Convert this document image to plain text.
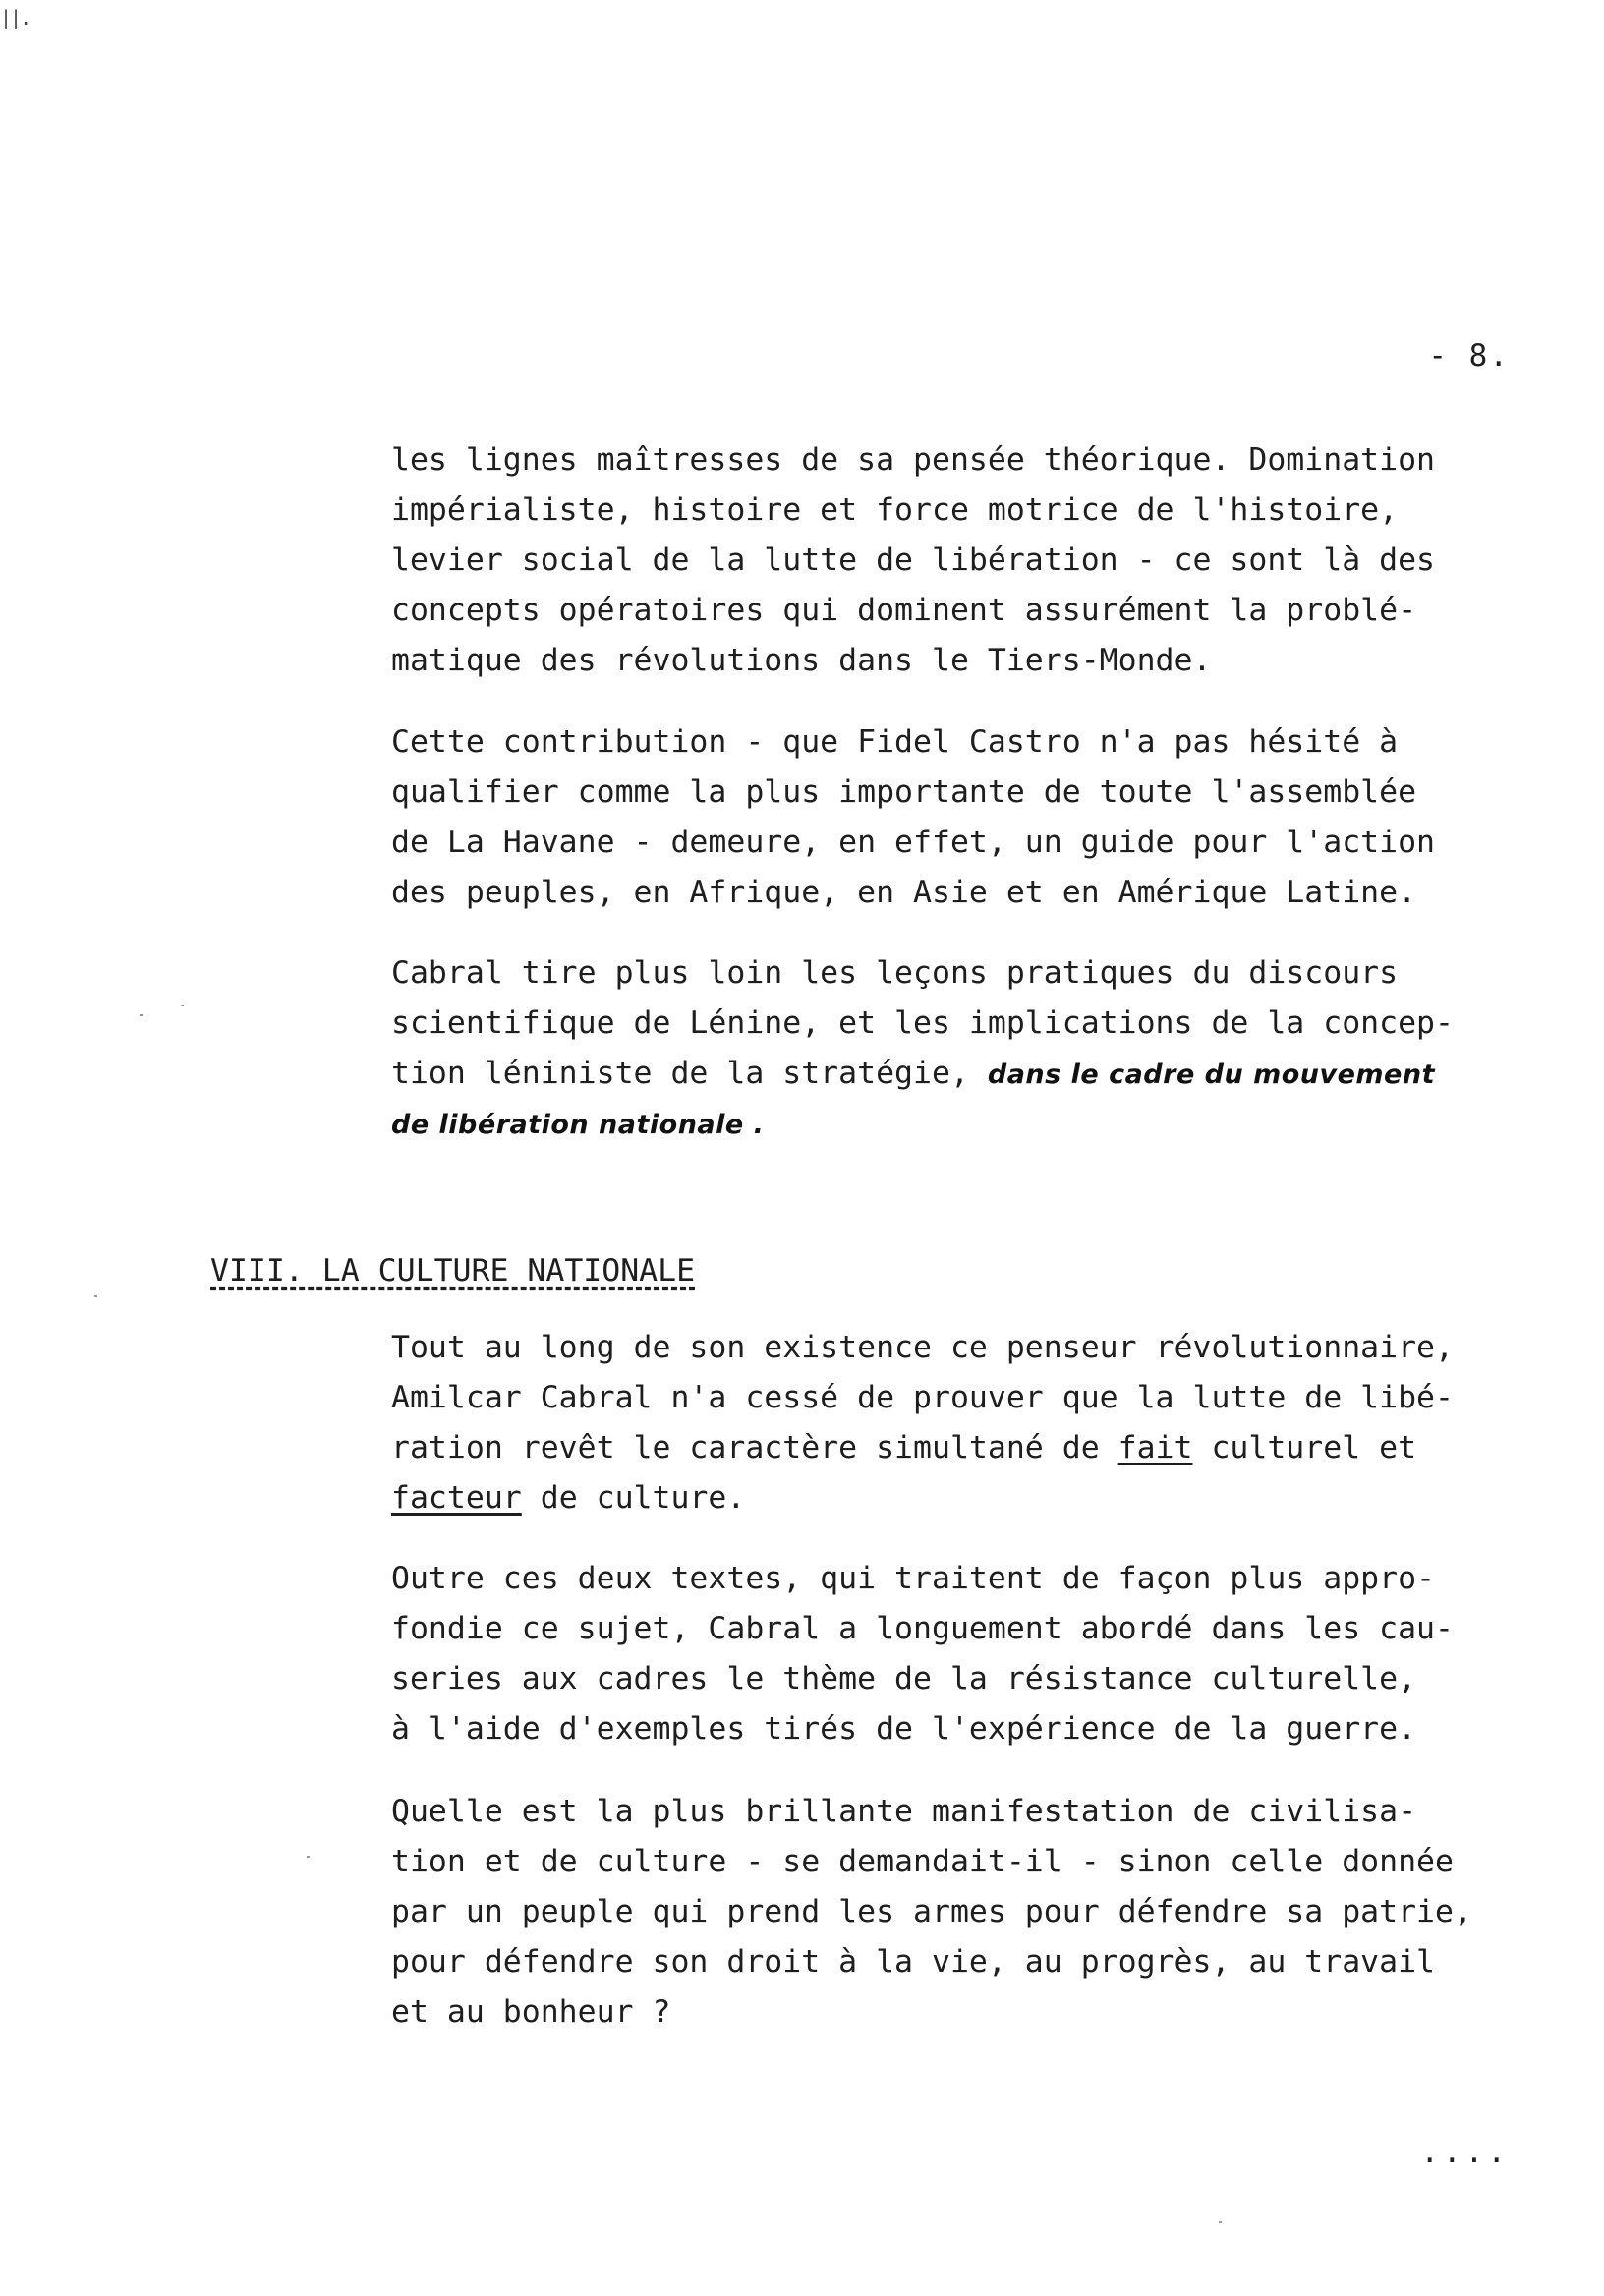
||.
- 8.

les lignes maîtresses de sa pensée théorique. Domination
impérialiste, histoire et force motrice de l'histoire,
levier social de la lutte de libération - ce sont là des
concepts opératoires qui dominent assurément la problé-
matique des révolutions dans le Tiers-Monde.

Cette contribution - que Fidel Castro n'a pas hésité à
qualifier comme la plus importante de toute l'assemblée
de La Havane - demeure, en effet, un guide pour l'action
des peuples, en Afrique, en Asie et en Amérique Latine.

Cabral tire plus loin les leçons pratiques du discours
scientifique de Lénine, et les implications de la concep-
tion léniniste de la stratégie, dans le cadre du mouvement
de libération nationale .

VIII. LA CULTURE NATIONALE

Tout au long de son existence ce penseur révolutionnaire,
Amilcar Cabral n'a cessé de prouver que la lutte de libé-
ration revêt le caractère simultané de fait culturel et
facteur de culture.

Outre ces deux textes, qui traitent de façon plus appro-
fondie ce sujet, Cabral a longuement abordé dans les cau-
series aux cadres le thème de la résistance culturelle,
à l'aide d'exemples tirés de l'expérience de la guerre.

Quelle est la plus brillante manifestation de civilisa-
tion et de culture - se demandait-il - sinon celle donnée
par un peuple qui prend les armes pour défendre sa patrie,
pour défendre son droit à la vie, au progrès, au travail
et au bonheur ?

....
